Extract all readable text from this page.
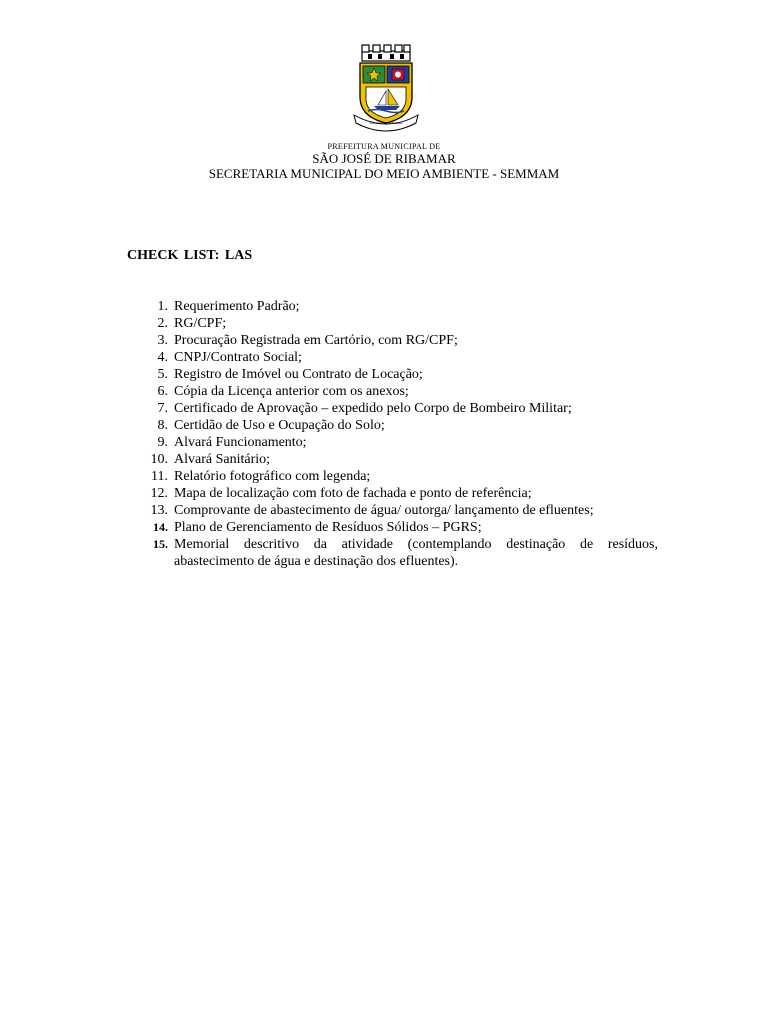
SÃO JOSÉ DE RIBAMAR
PREFEITURA MUNICIPAL DE
SÃO JOSÉ DE RIBAMAR
SECRETARIA MUNICIPAL DO MEIO AMBIENTE - SEMMAM
CHECK LIST: LAS
1. Requerimento Padrão;
2. RG/CPF;
3. Procuração Registrada em Cartório, com RG/CPF;
4. CNPJ/Contrato Social;
5. Registro de Imóvel ou Contrato de Locação;
6. Cópia da Licença anterior com os anexos;
7. Certificado de Aprovação – expedido pelo Corpo de Bombeiro Militar;
8. Certidão de Uso e Ocupação do Solo;
9. Alvará Funcionamento;
10. Alvará Sanitário;
11. Relatório fotográfico com legenda;
12. Mapa de localização com foto de fachada e ponto de referência;
13. Comprovante de abastecimento de água/ outorga/ lançamento de efluentes;
14. Plano de Gerenciamento de Resíduos Sólidos – PGRS;
15. Memorial descritivo da atividade (contemplando destinação de resíduos, abastecimento de água e destinação dos efluentes).
